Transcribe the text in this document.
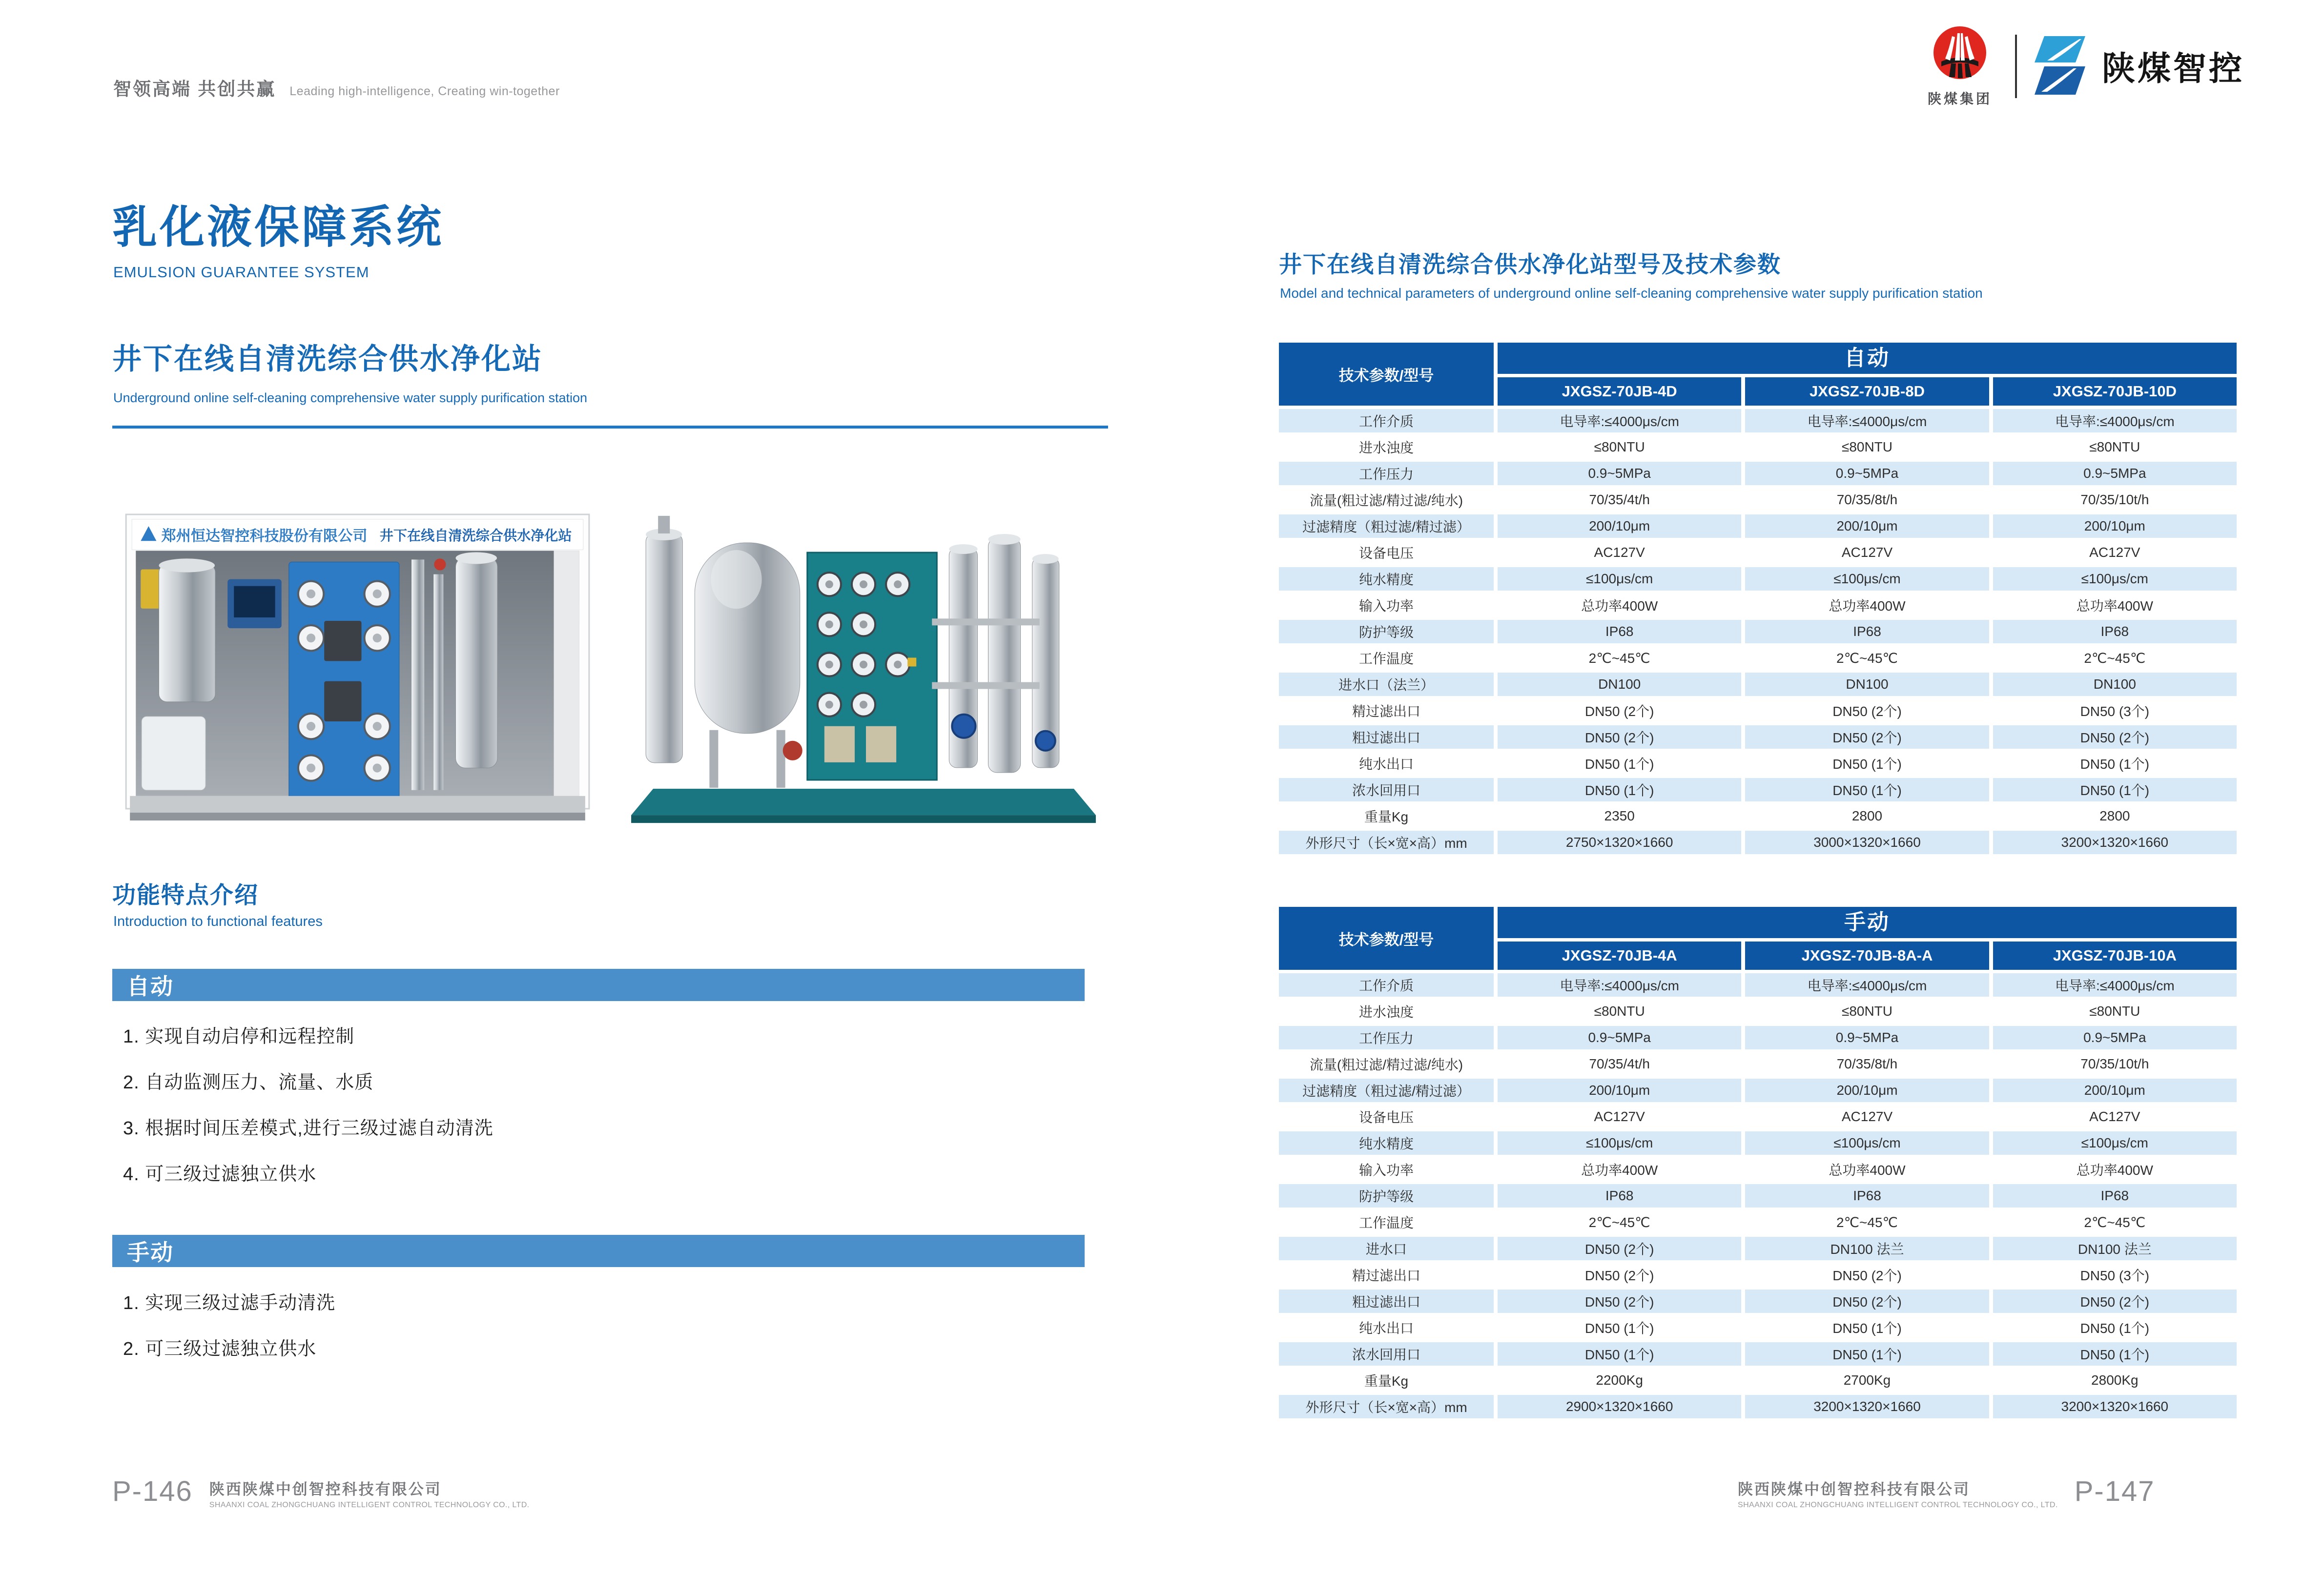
智领高端 共创共赢 Leading high-intelligence, Creating win-together	陕煤集团
陕煤智控
乳化液保障系统
EMULSION GUARANTEE SYSTEM
井下在线自清洗综合供水净化站
Underground online self-cleaning comprehensive water supply purification station
郑州恒达智控科技股份有限公司 井下在线自清洗综合供水净化站
功能特点介绍
Introduction to functional features
自动
1. 实现自动启停和远程控制
2. 自动监测压力、流量、水质
3. 根据时间压差模式,进行三级过滤自动清洗
4. 可三级过滤独立供水
手动
1. 实现三级过滤手动清洗
2. 可三级过滤独立供水
P-146 陕西陕煤中创智控科技有限公司
SHAANXI COAL ZHONGCHUANG INTELLIGENT CONTROL TECHNOLOGY CO., LTD.
井下在线自清洗综合供水净化站型号及技术参数
Model and technical parameters of underground online self-cleaning comprehensive water supply purification station
技术参数/型号
自动
JXGSZ-70JB-4D	JXGSZ-70JB-8D	JXGSZ-70JB-10D
工作介质	电导率:≤4000μs/cm	电导率:≤4000μs/cm	电导率:≤4000μs/cm
进水浊度	≤80NTU	≤80NTU	≤80NTU
工作压力	0.9~5MPa	0.9~5MPa	0.9~5MPa
流量(粗过滤/精过滤/纯水)	70/35/4t/h	70/35/8t/h	70/35/10t/h
过滤精度（粗过滤/精过滤）	200/10μm	200/10μm	200/10μm
设备电压	AC127V	AC127V	AC127V
纯水精度	≤100μs/cm	≤100μs/cm	≤100μs/cm
输入功率	总功率400W	总功率400W	总功率400W
防护等级	IP68	IP68	IP68
工作温度	2℃~45℃	2℃~45℃	2℃~45℃
进水口（法兰）	DN100	DN100	DN100
精过滤出口	DN50 (2个)	DN50 (2个)	DN50 (3个)
粗过滤出口	DN50 (2个)	DN50 (2个)	DN50 (2个)
纯水出口	DN50 (1个)	DN50 (1个)	DN50 (1个)
浓水回用口	DN50 (1个)	DN50 (1个)	DN50 (1个)
重量Kg	2350	2800	2800
外形尺寸（长×宽×高）mm	2750×1320×1660	3000×1320×1660	3200×1320×1660
技术参数/型号
手动
JXGSZ-70JB-4A	JXGSZ-70JB-8A-A	JXGSZ-70JB-10A
工作介质	电导率:≤4000μs/cm	电导率:≤4000μs/cm	电导率:≤4000μs/cm
进水浊度	≤80NTU	≤80NTU	≤80NTU
工作压力	0.9~5MPa	0.9~5MPa	0.9~5MPa
流量(粗过滤/精过滤/纯水)	70/35/4t/h	70/35/8t/h	70/35/10t/h
过滤精度（粗过滤/精过滤）	200/10μm	200/10μm	200/10μm
设备电压	AC127V	AC127V	AC127V
纯水精度	≤100μs/cm	≤100μs/cm	≤100μs/cm
输入功率	总功率400W	总功率400W	总功率400W
防护等级	IP68	IP68	IP68
工作温度	2℃~45℃	2℃~45℃	2℃~45℃
进水口	DN50 (2个)	DN100 法兰	DN100 法兰
精过滤出口	DN50 (2个)	DN50 (2个)	DN50 (3个)
粗过滤出口	DN50 (2个)	DN50 (2个)	DN50 (2个)
纯水出口	DN50 (1个)	DN50 (1个)	DN50 (1个)
浓水回用口	DN50 (1个)	DN50 (1个)	DN50 (1个)
重量Kg	2200Kg	2700Kg	2800Kg
外形尺寸（长×宽×高）mm	2900×1320×1660	3200×1320×1660	3200×1320×1660
陕西陕煤中创智控科技有限公司
SHAANXI COAL ZHONGCHUANG INTELLIGENT CONTROL TECHNOLOGY CO., LTD. P-147
